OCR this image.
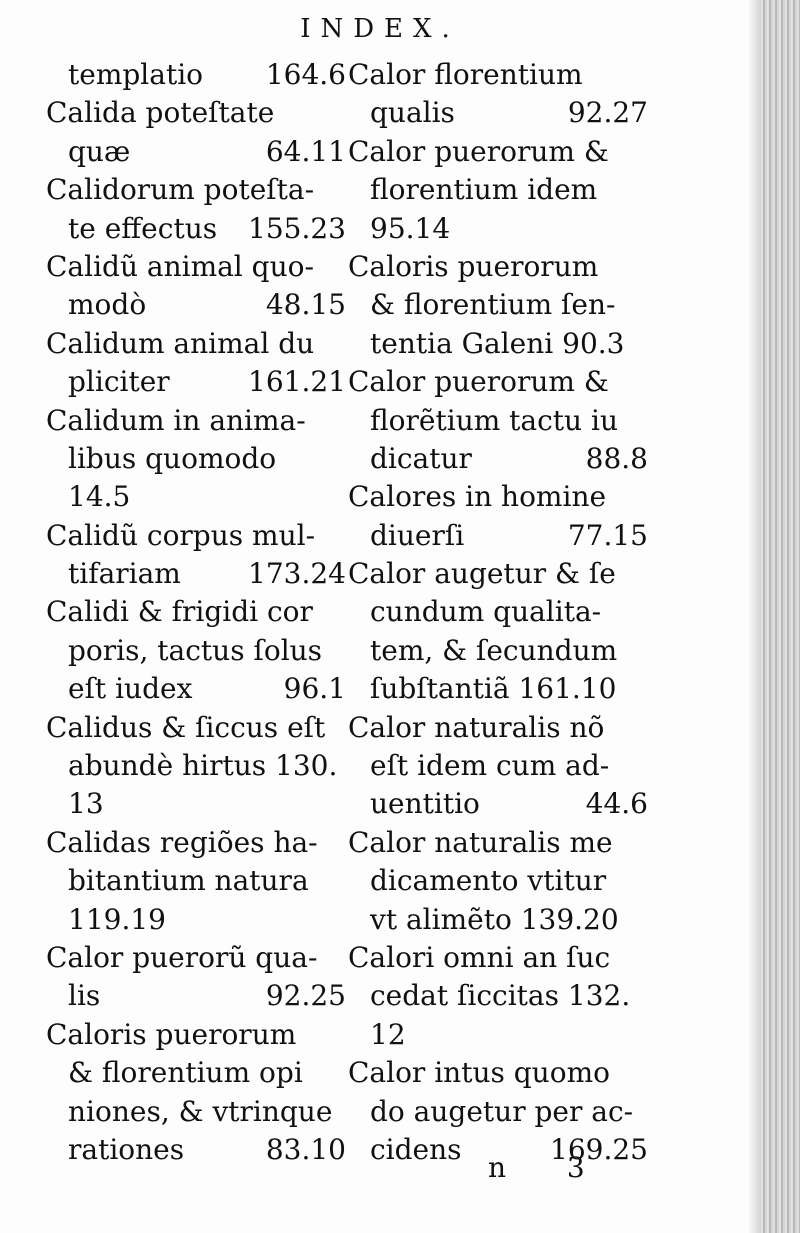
INDEX.
templatio 164.6
Calida poteſtate
quæ	64.11
Calidorum poteſta-
te effectus 155.23
Calidũ animal quo-
modò	48.15
Calidum animal du
pliciter	161.21
Calidum in anima-
libus quomodo
14.5
Calidũ corpus mul-
tifariam 173.24
Calidi & frigidi cor
poris, tactus ſolus
eſt iudex	96.1
Calidus & ſiccus eſt
abundè hirtus 130.
13
Calidas regiões ha-
bitantium natura
119.19
Calor puerorũ qua-
lis	92.25
Caloris puerorum
& florentium opi
niones, & vtrinque
rationes	83.10
Calor florentium
qualis	92.27
Calor puerorum &
florentium idem
95.14
Caloris puerorum
& florentium ſen-
tentia Galeni 90.3
Calor puerorum &
florẽtium tactu iu
dicatur	88.8
Calores in homine
diuerſi	77.15
Calor augetur & ſe
cundum qualita-
tem, & ſecundum
ſubſtantiã 161.10
Calor naturalis nõ
eſt idem cum ad-
uentitio	44.6
Calor naturalis me
dicamento vtitur
vt alimẽto 139.20
Calori omni an ſuc
cedat ſiccitas 132.
12
Calor intus quomo
do augetur per ac-
cidens	169.25
n 3
